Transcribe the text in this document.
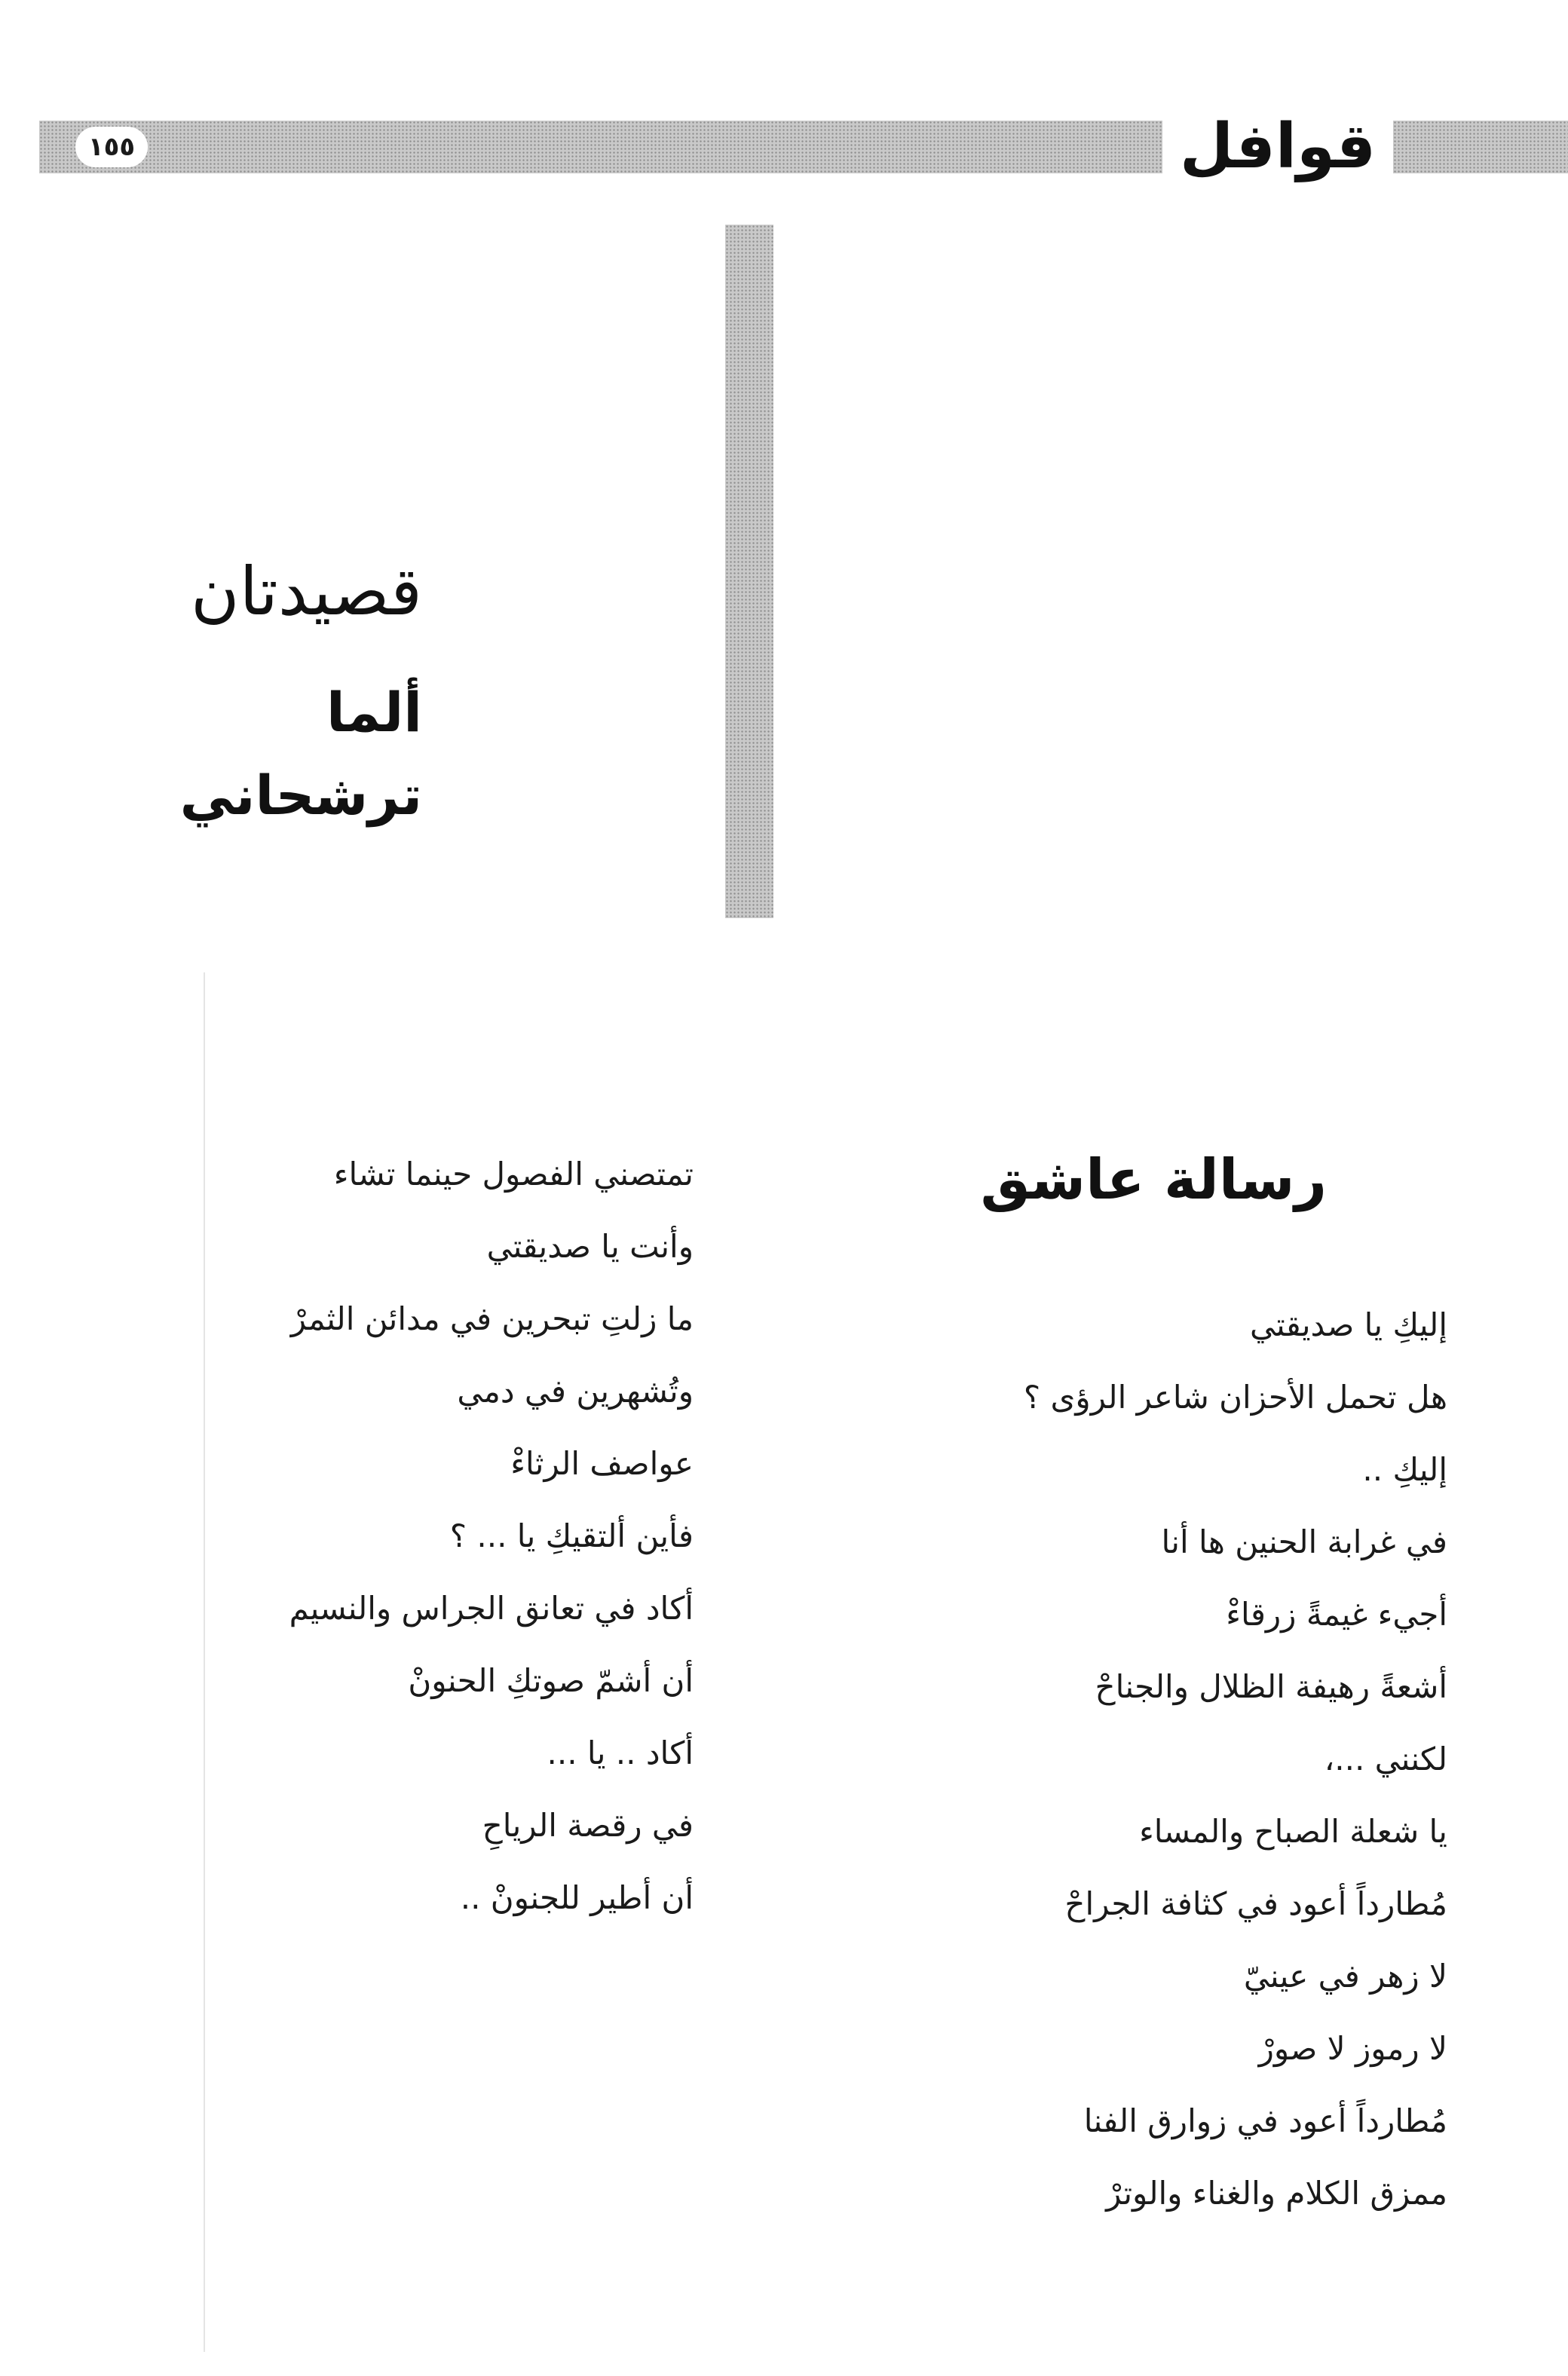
١٥٥	قوافل
قصيدتان
ألما ترشحاني
رسالة عاشق
إليكِ يا صديقتي
هل تحمل الأحزان شاعر الرؤى ؟
إليكِ ..
في غرابة الحنين ها أنا
أجيء غيمةً زرقاءْ
أشعةً رهيفة الظلال والجناحْ
لكنني ...،
يا شعلة الصباح والمساء
مُطارداً أعود في كثافة الجراحْ
لا زهر في عينيّ
لا رموز لا صورْ
مُطارداً أعود في زوارق الفنا
ممزق الكلام والغناء والوترْ
تمتصني الفصول حينما تشاء
وأنت يا صديقتي
ما زلتِ تبحرين في مدائن الثمرْ
وتُشهرين في دمي
عواصف الرثاءْ
فأين ألتقيكِ يا ... ؟
أكاد في تعانق الجراس والنسيم
أن أشمّ صوتكِ الحنونْ
أكاد .. يا ...
في رقصة الرياحِ
أن أطير للجنونْ ..
